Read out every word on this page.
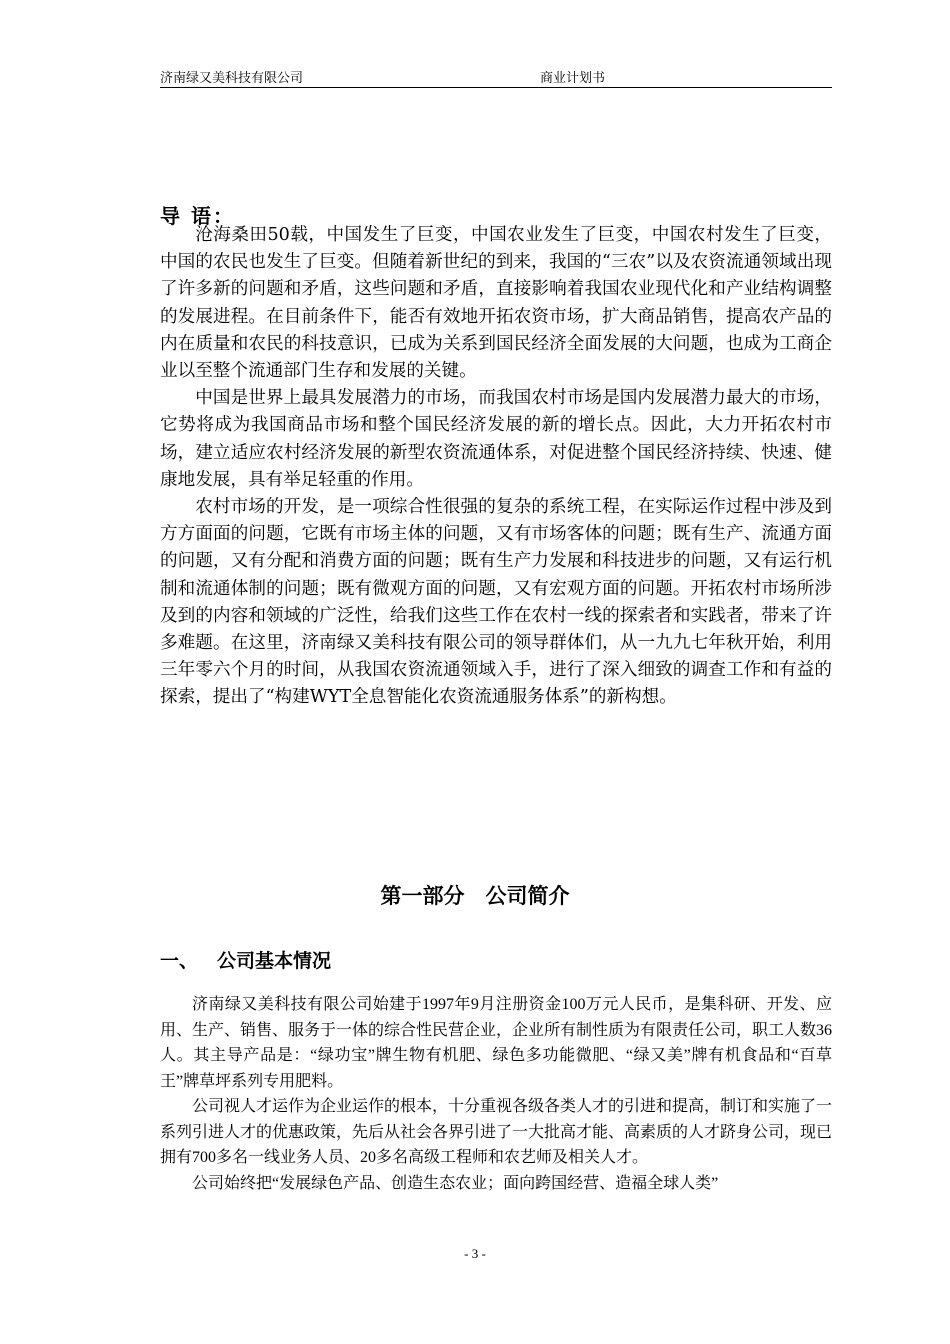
济南绿又美科技有限公司	商业计划书
导 语：

沧海桑田50载，中国发生了巨变，中国农业发生了巨变，中国农村发生了巨变，中国的农民也发生了巨变。但随着新世纪的到来，我国的“三农”以及农资流通领域出现了许多新的问题和矛盾，这些问题和矛盾，直接影响着我国农业现代化和产业结构调整的发展进程。在目前条件下，能否有效地开拓农资市场，扩大商品销售，提高农产品的内在质量和农民的科技意识，已成为关系到国民经济全面发展的大问题，也成为工商企业以至整个流通部门生存和发展的关键。

中国是世界上最具发展潜力的市场，而我国农村市场是国内发展潜力最大的市场，它势将成为我国商品市场和整个国民经济发展的新的增长点。因此，大力开拓农村市场，建立适应农村经济发展的新型农资流通体系，对促进整个国民经济持续、快速、健康地发展，具有举足轻重的作用。

农村市场的开发，是一项综合性很强的复杂的系统工程，在实际运作过程中涉及到方方面面的问题，它既有市场主体的问题，又有市场客体的问题；既有生产、流通方面的问题，又有分配和消费方面的问题；既有生产力发展和科技进步的问题，又有运行机制和流通体制的问题；既有微观方面的问题，又有宏观方面的问题。开拓农村市场所涉及到的内容和领域的广泛性，给我们这些工作在农村一线的探索者和实践者，带来了许多难题。在这里，济南绿又美科技有限公司的领导群体们，从一九九七年秋开始，利用三年零六个月的时间，从我国农资流通领域入手，进行了深入细致的调查工作和有益的探索，提出了“构建WYT全息智能化农资流通服务体系”的新构想。

第一部分　公司简介
一、 公司基本情况

济南绿又美科技有限公司始建于1997年9月注册资金100万元人民币，是集科研、开发、应用、生产、销售、服务于一体的综合性民营企业，企业所有制性质为有限责任公司，职工人数36人。其主导产品是：“绿功宝”牌生物有机肥、绿色多功能微肥、“绿又美”牌有机食品和“百草王”牌草坪系列专用肥料。

公司视人才运作为企业运作的根本，十分重视各级各类人才的引进和提高，制订和实施了一系列引进人才的优惠政策，先后从社会各界引进了一大批高才能、高素质的人才跻身公司，现已拥有700多名一线业务人员、20多名高级工程师和农艺师及相关人才。

公司始终把“发展绿色产品、创造生态农业；面向跨国经营、造福全球人类”

- 3 -
